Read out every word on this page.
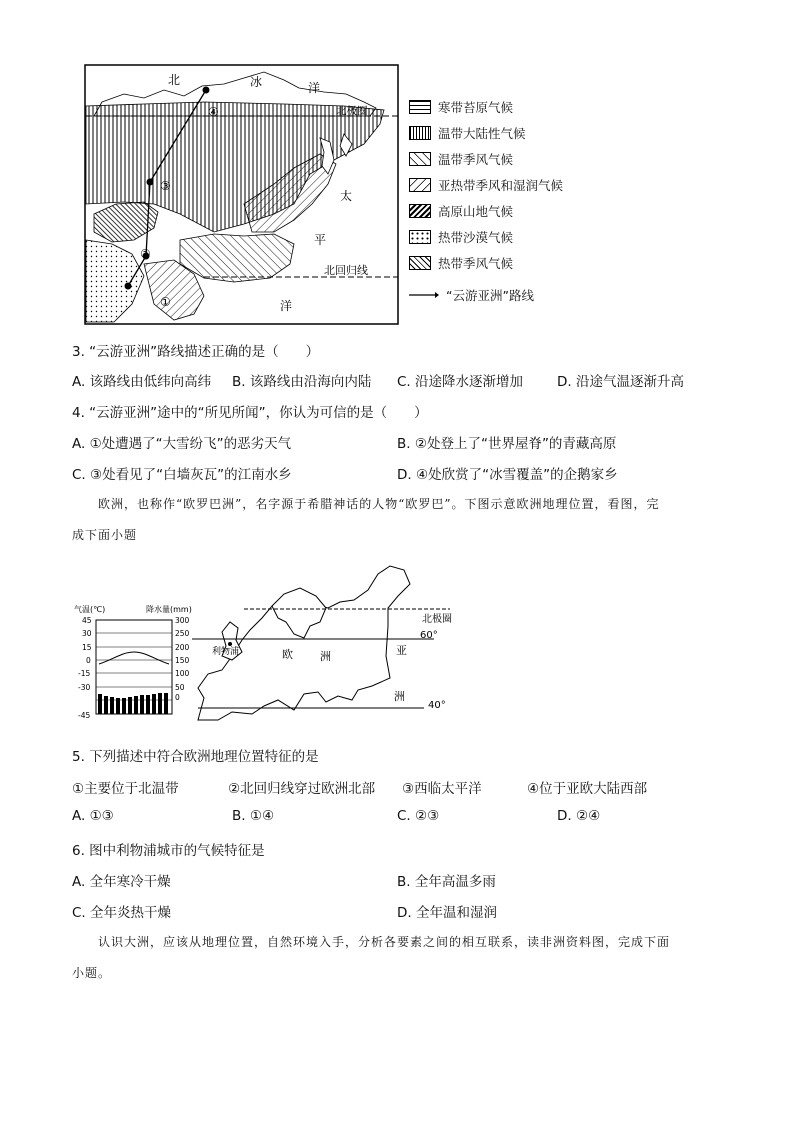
北	冰	洋
北极圈
太
平
北回归线
洋
①
②
③
④	寒带苔原气候
温带大陆性气候
温带季风气候
亚热带季风和湿润气候
高原山地气候
热带沙漠气候
热带季风气候
“云游亚洲”路线
3. “云游亚洲”路线描述正确的是（　　）
A. 该路线由低纬向高纬 B. 该路线由沿海向内陆 C. 沿途降水逐渐增加	D. 沿途气温逐渐升高
4. “云游亚洲”途中的“所见所闻”，你认为可信的是（　　）
A. ①处遭遇了“大雪纷飞”的恶劣天气	B. ②处登上了“世界屋脊”的青藏高原
C. ③处看见了“白墙灰瓦”的江南水乡	D. ④处欣赏了“冰雪覆盖”的企鹅家乡
欧洲，也称作“欧罗巴洲”，名字源于希腊神话的人物“欧罗巴”。下图示意欧洲地理位置，看图，完
成下面小题
气温(℃)	降水量(mm)
45
30
15
0
-15
-30
-45
300
250
200
150
100
50
0
北极圈
60°
40°
利物浦	欧 洲	亚
洲
5. 下列描述中符合欧洲地理位置特征的是
①主要位于北温带	②北回归线穿过欧洲北部 ③西临太平洋	④位于亚欧大陆西部
A. ①③	B. ①④	C. ②③	D. ②④
6. 图中利物浦城市的气候特征是
A. 全年寒冷干燥	B. 全年高温多雨
C. 全年炎热干燥	D. 全年温和湿润
认识大洲，应该从地理位置，自然环境入手，分析各要素之间的相互联系，读非洲资料图，完成下面
小题。
